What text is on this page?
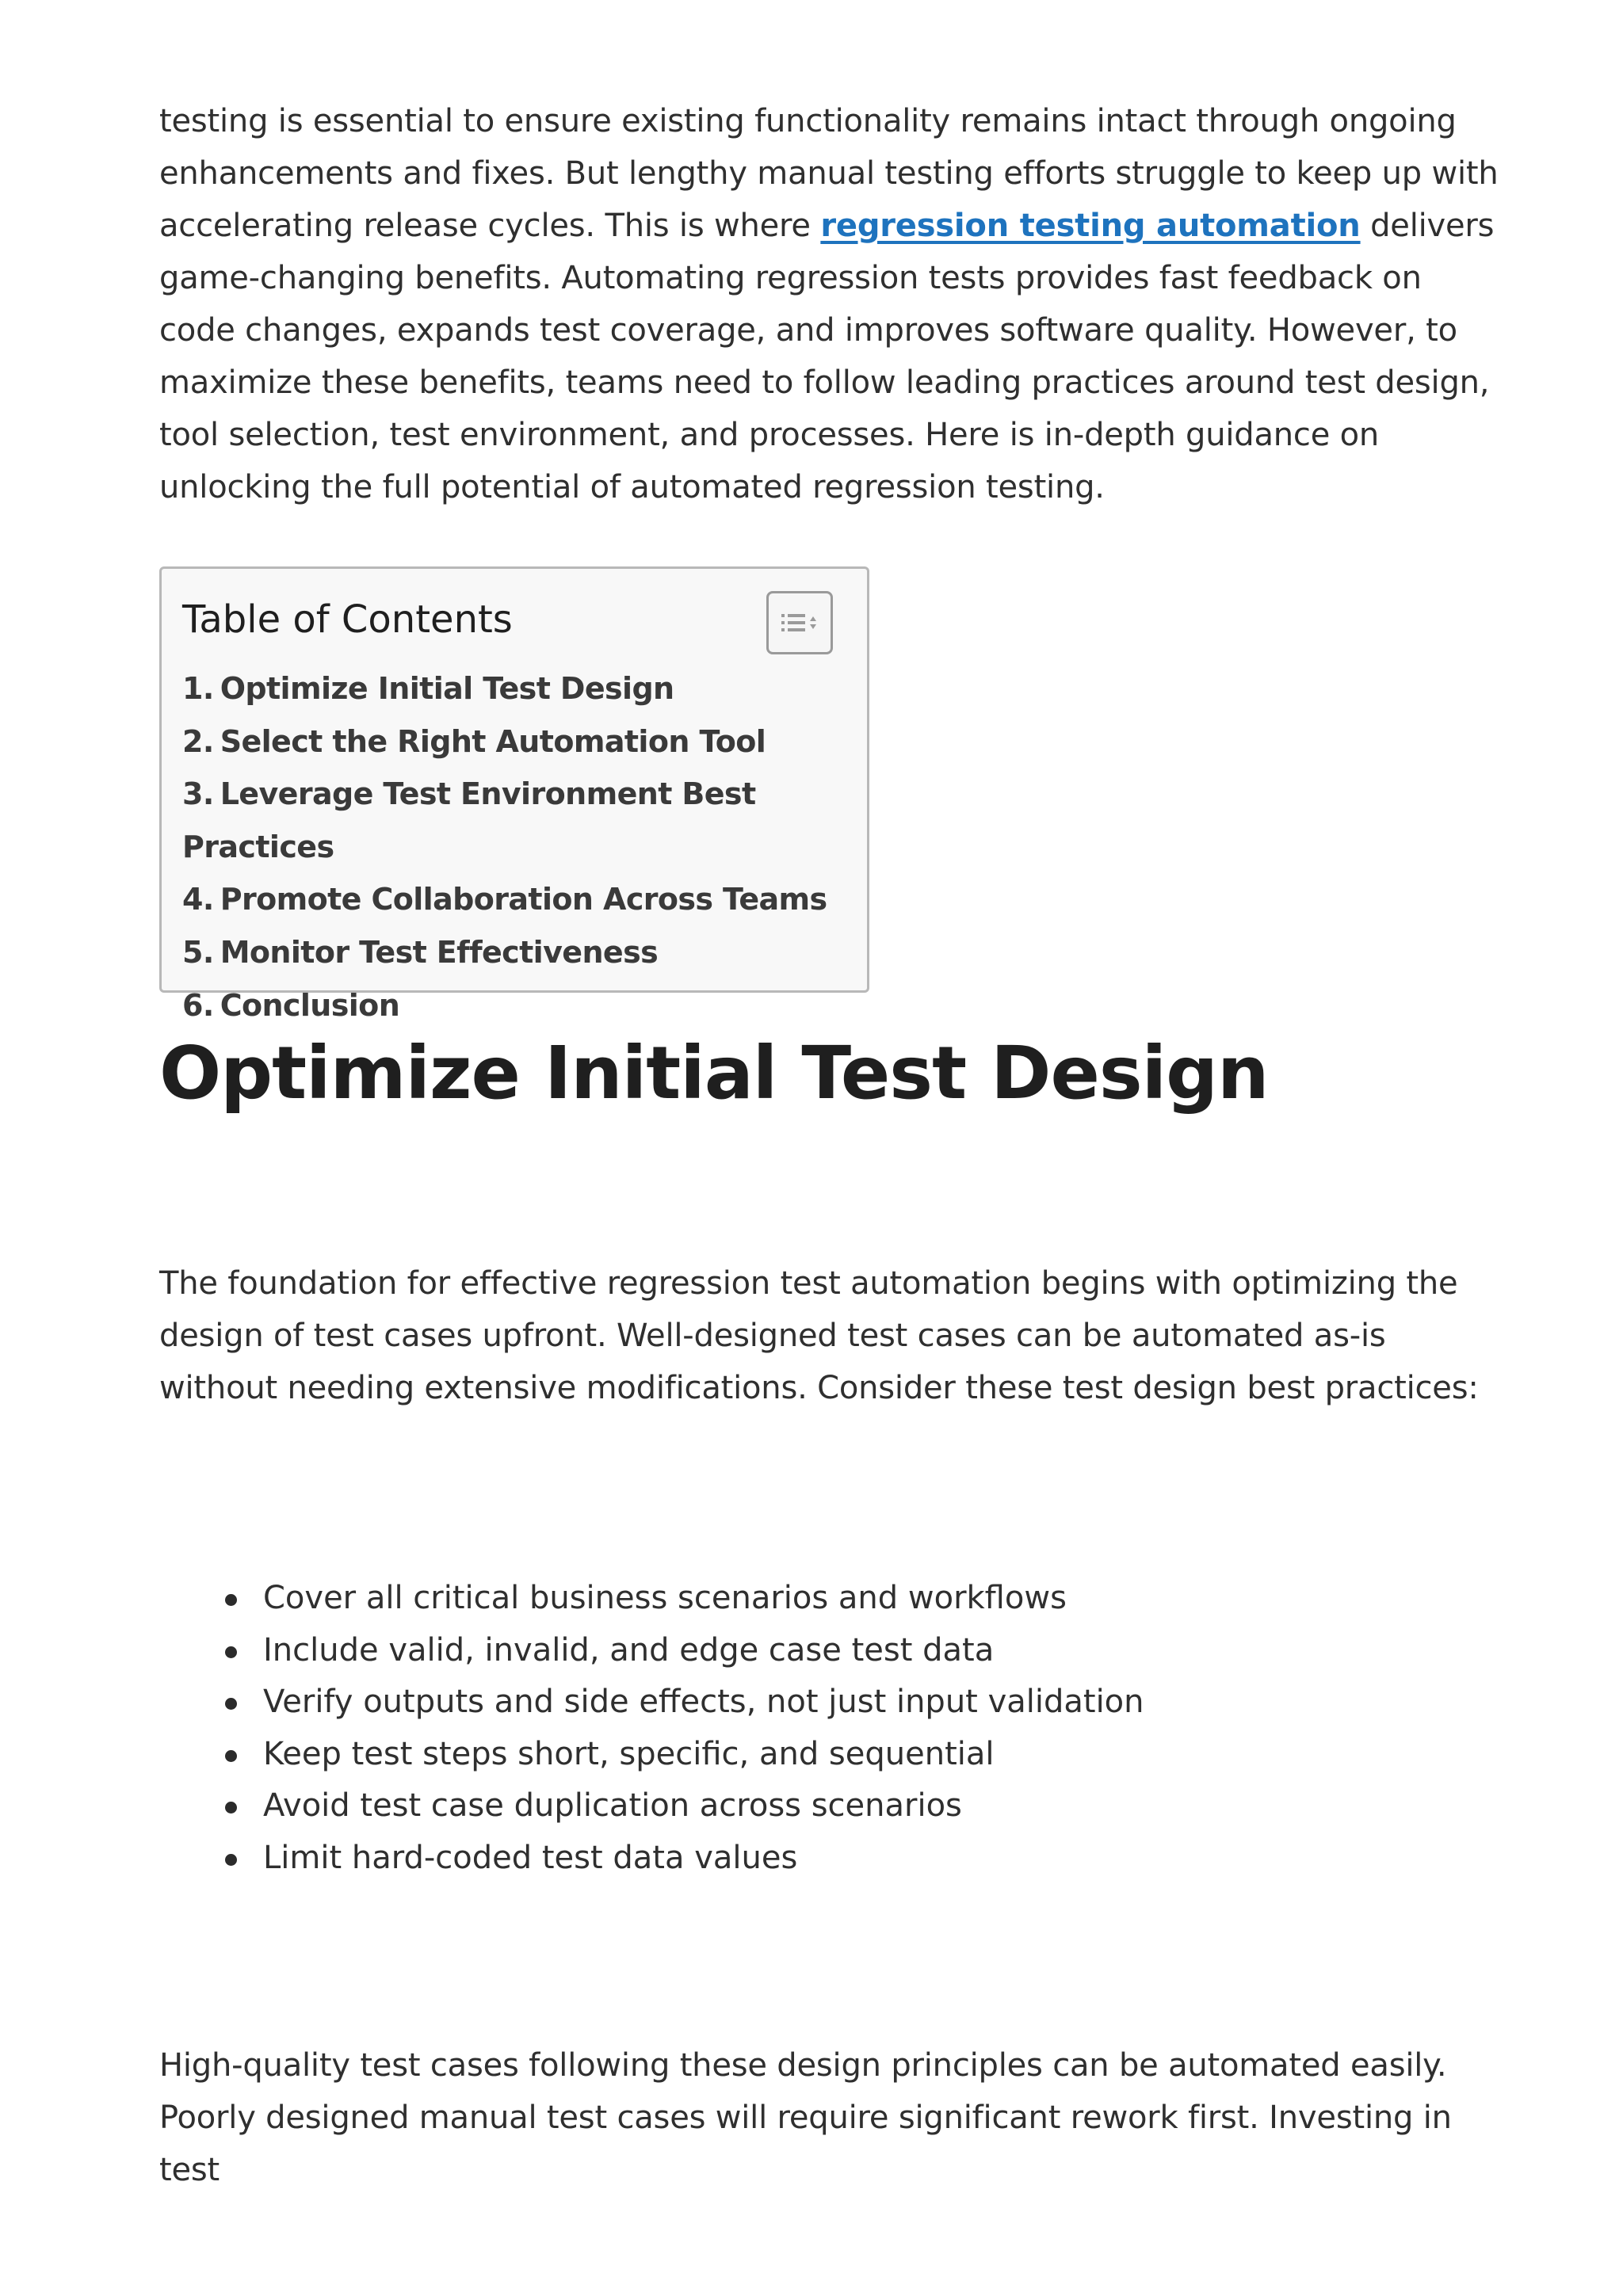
testing is essential to ensure existing functionality remains intact through ongoing enhancements and fixes. But lengthy manual testing efforts struggle to keep up with accelerating release cycles. This is where regression testing automation delivers game-changing benefits. Automating regression tests provides fast feedback on code changes, expands test coverage, and improves software quality. However, to maximize these benefits, teams need to follow leading practices around test design, tool selection, test environment, and processes. Here is in-depth guidance on unlocking the full potential of automated regression testing.

Table of Contents
1. Optimize Initial Test Design
2. Select the Right Automation Tool
3. Leverage Test Environment Best Practices
4. Promote Collaboration Across Teams
5. Monitor Test Effectiveness
6. Conclusion
Optimize Initial Test Design

The foundation for effective regression test automation begins with optimizing the design of test cases upfront. Well-designed test cases can be automated as-is without needing extensive modifications. Consider these test design best practices:

Cover all critical business scenarios and workflows
Include valid, invalid, and edge case test data
Verify outputs and side effects, not just input validation
Keep test steps short, specific, and sequential
Avoid test case duplication across scenarios
Limit hard-coded test data values

High-quality test cases following these design principles can be automated easily. Poorly designed manual test cases will require significant rework first. Investing in test
